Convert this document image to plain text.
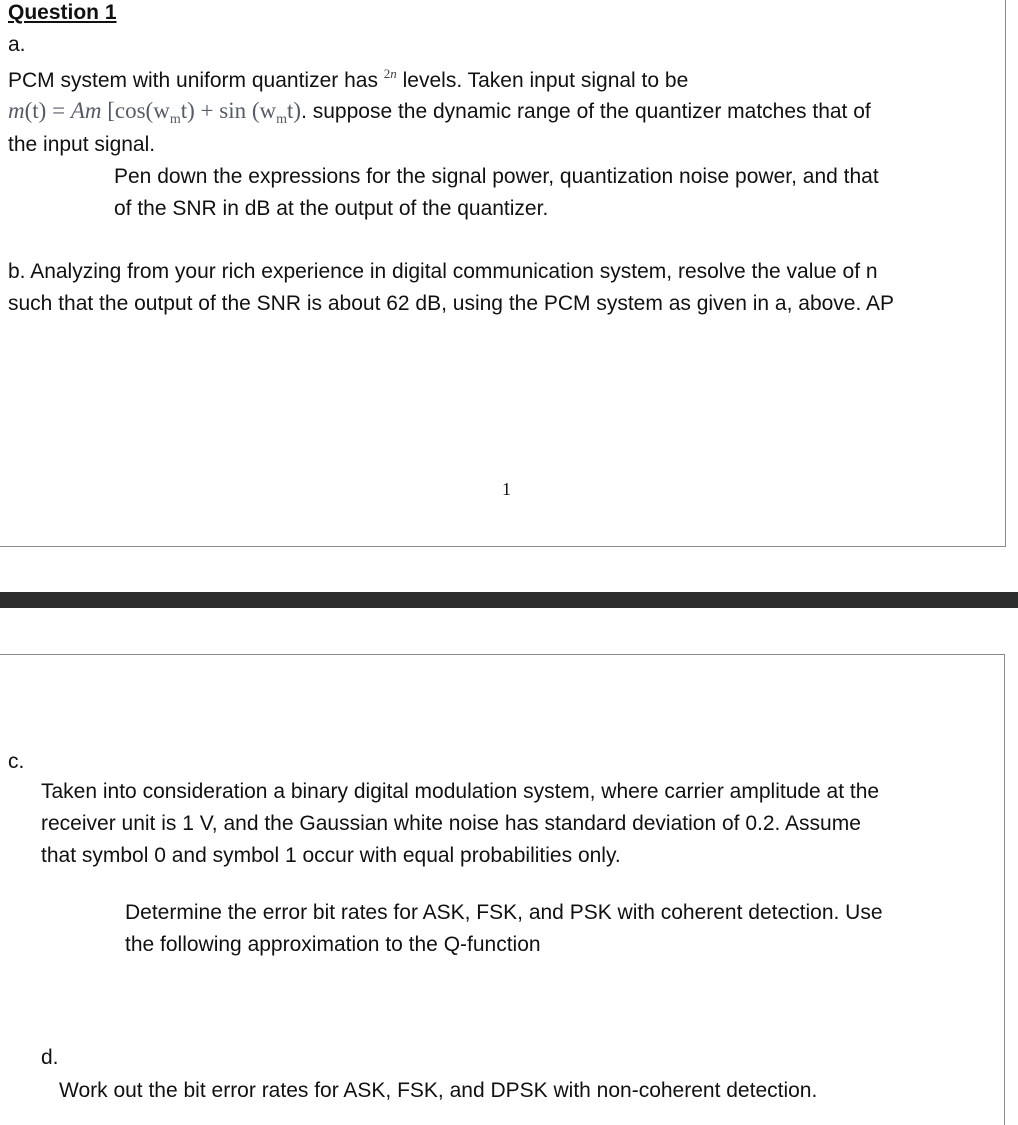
Question 1
a.
PCM system with uniform quantizer has $^{2n}$ levels. Taken input signal to be
m(t) = Am [$\cos(w_mt) + \sin (w_mt)$. suppose the dynamic range of the quantizer matches that of
the input signal.
Pen down the expressions for the signal power, quantization noise power, and that
of the SNR in dB at the output of the quantizer.
b. Analyzing from your rich experience in digital communication system, resolve the value of n
such that the output of the SNR is about 62 dB, using the PCM system as given in a, above. AP
1
c.
Taken into consideration a binary digital modulation system, where carrier amplitude at the
receiver unit is 1 V, and the Gaussian white noise has standard deviation of 0.2. Assume
that symbol 0 and symbol 1 occur with equal probabilities only.
Determine the error bit rates for ASK, FSK, and PSK with coherent detection. Use
the following approximation to the Q-function
d.
Work out the bit error rates for ASK, FSK, and DPSK with non-coherent detection.
